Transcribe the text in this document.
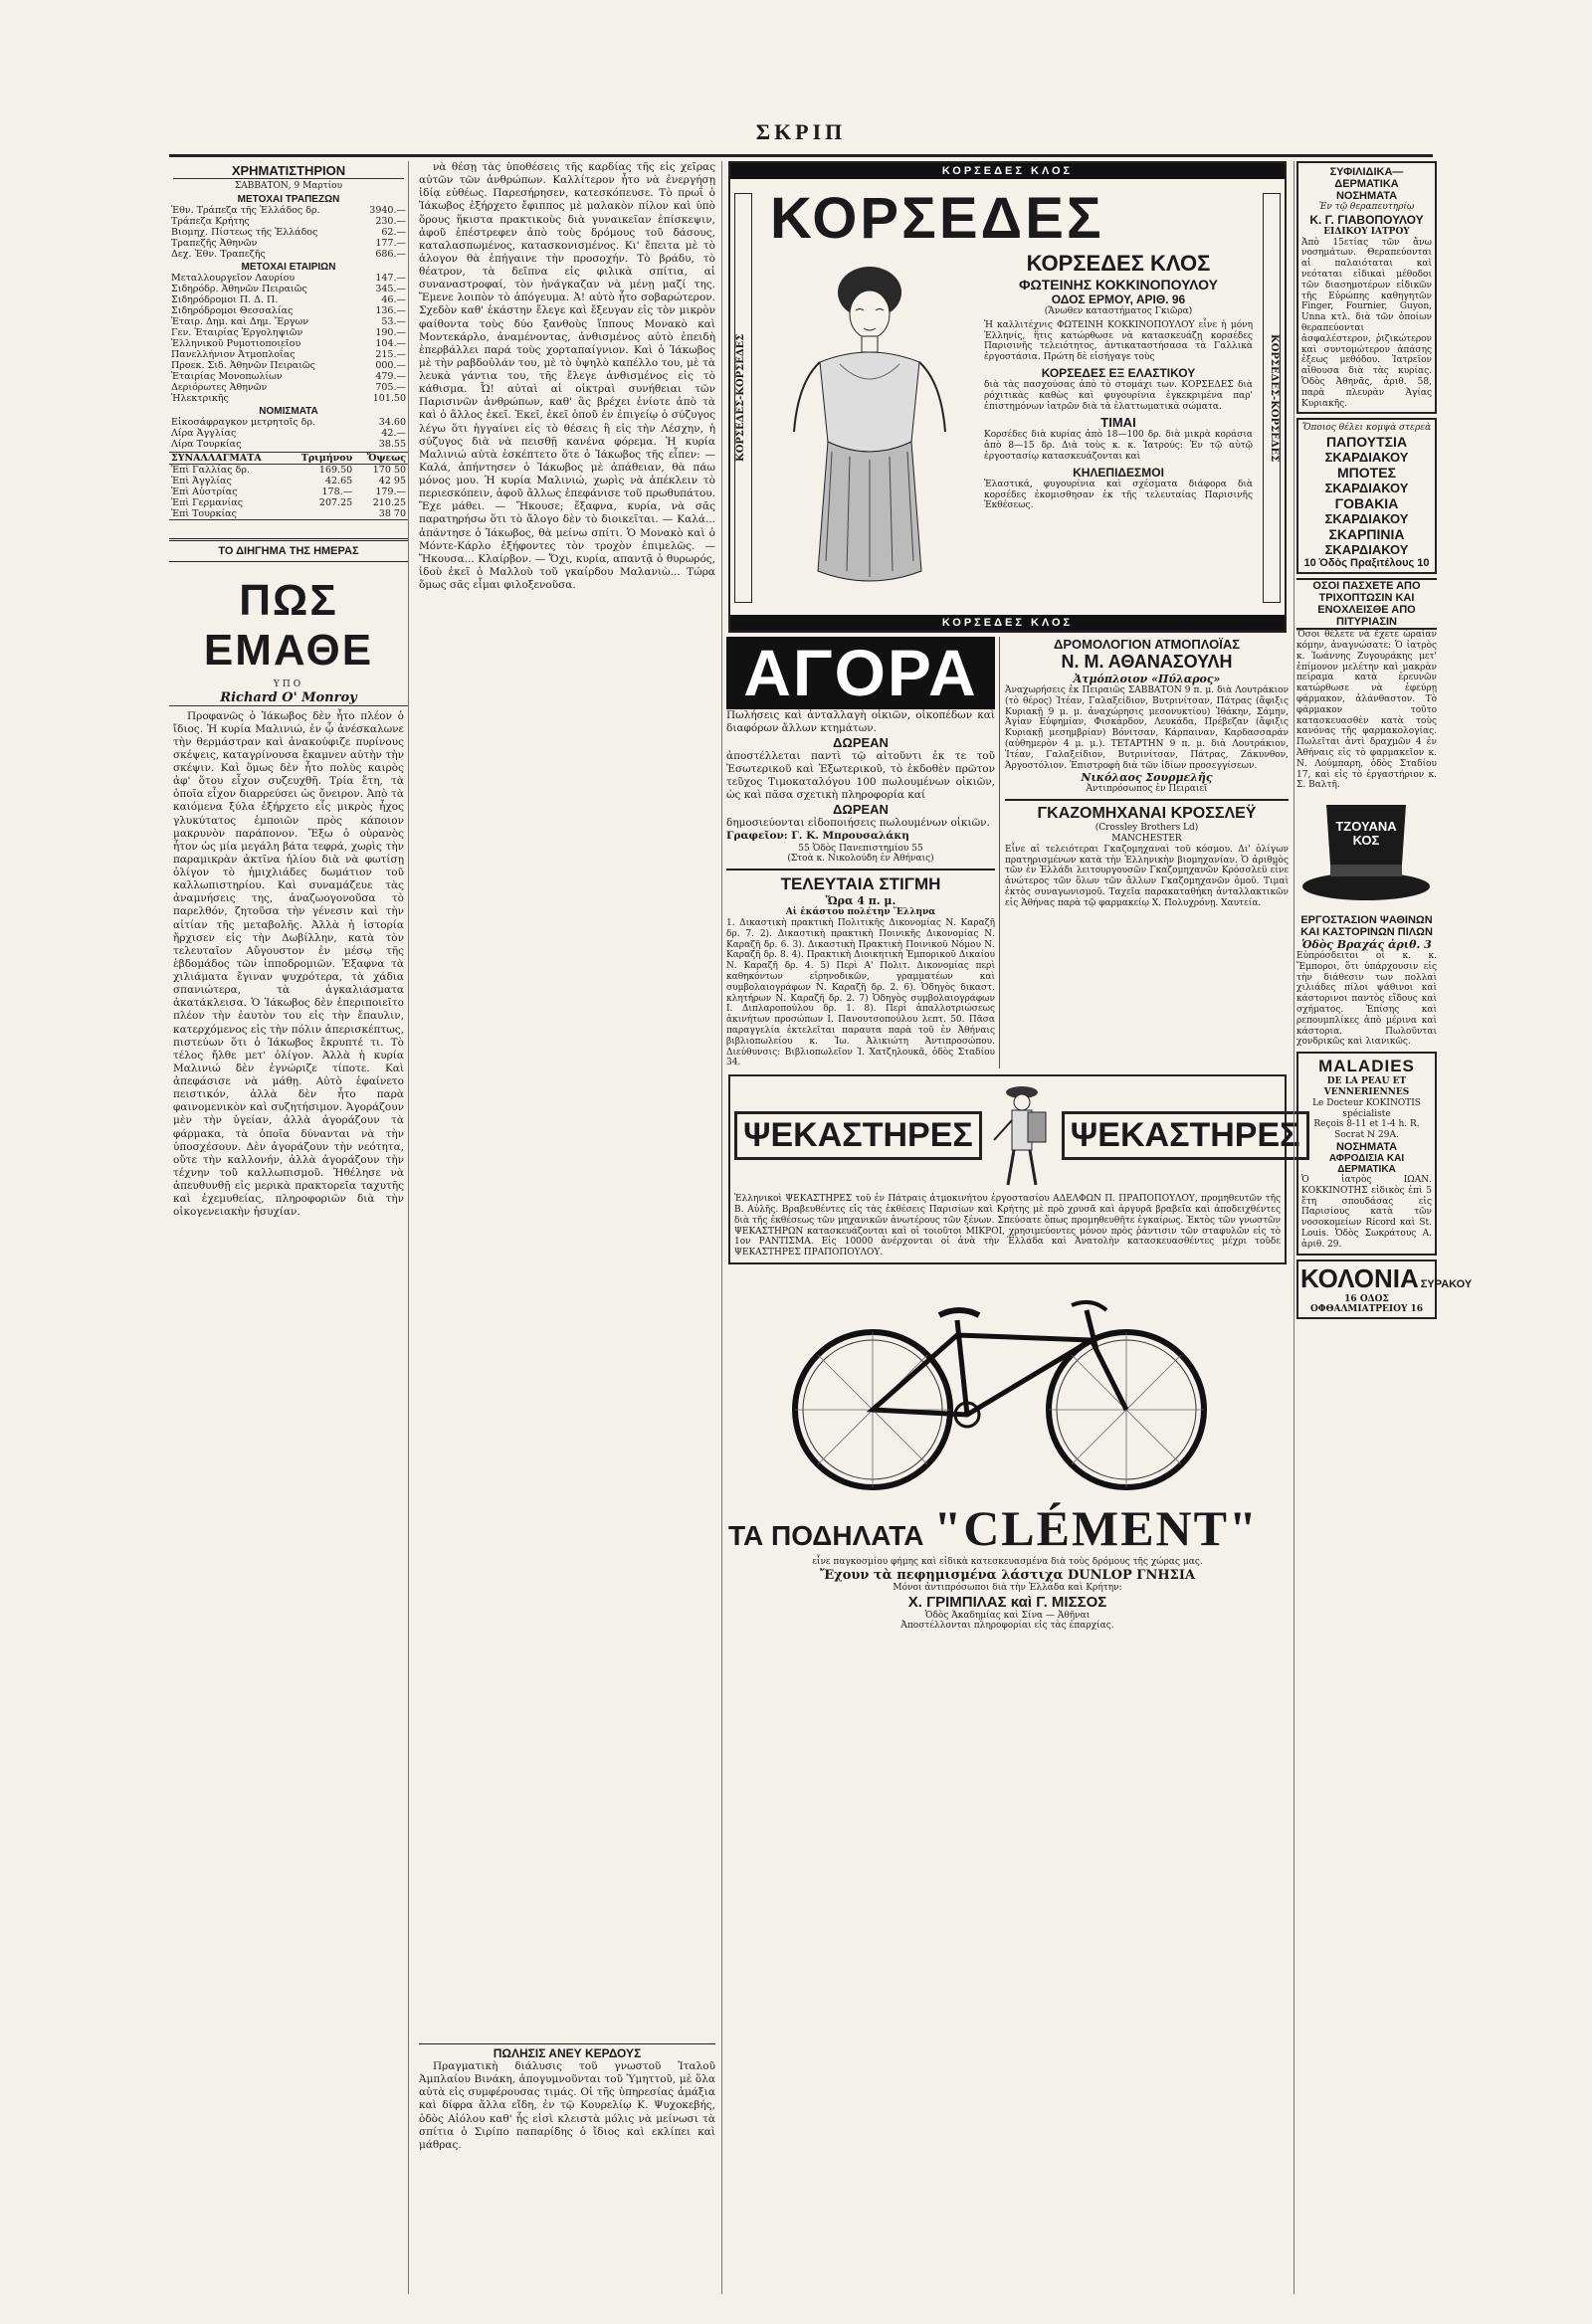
ΣΚΡΙΠ
ΧΡΗΜΑΤΙΣΤΗΡΙΟΝ
ΣΑΒΒΑΤΟΝ, 9 Μαρτίου
ΜΕΤΟΧΑΙ ΤΡΑΠΕΖΩΝ
Ἐθν. Τράπεζα τῆς Ἑλλάδος δρ.	3940.—
Τράπεζα Κρήτης	230.—
Βιομηχ. Πίστεως τῆς Ἑλλάδος	62.—
Τραπεζῆς Ἀθηνῶν	177.—
Δεχ. Ἐθν. Τραπεζῆς	686.—
ΜΕΤΟΧΑΙ ΕΤΑΙΡΙΩΝ
Μεταλλουργεῖον Λαυρίου	147.—
Σιδηρόδρ. Ἀθηνῶν Πειραιῶς	345.—
Σιδηρόδρομοι Π. Δ. Π.	46.—
Σιδηρόδρομοι Θεσσαλίας	136.—
Ἑταιρ. Δημ. καὶ Δημ. Ἔργων	53.—
Γεν. Ἑταιρίας Ἐργοληψιῶν	190.—
Ἑλληνικοῦ Ρυμοτιοποιεῖου	104.—
Πανελλήνιον Ἀτμοπλοΐας	215.—
Προεκ. Σιδ. Ἀθηνῶν Πειραιῶς	000.—
Ἑταιρίας Μονοπωλίων	479.—
Δεριόρωτες Ἀθηνῶν	705.—
Ἠλεκτρικῆς	101.50
ΝΟΜΙΣΜΑΤΑ
Εἰκοσάφραγκον μετρητοῖς δρ.	34.60
Λίρα Ἀγγλίας	42.—
Λίρα Τουρκίας	38.55
ΣΥΝΑΛΛΑΓΜΑΤΑ	Τριμήνου	Ὄψεως
Ἐπὶ Γαλλίας δρ.	169.50	170 50
Ἐπὶ Ἀγγλίας	42.65	42 95
Ἐπὶ Αὐστρίας	178.—	179.—
Ἐπὶ Γερμανίας	207.25	210.25
Ἐπὶ Τουρκίας		38 70
ΤΟ ΔΙΗΓΗΜΑ ΤΗΣ ΗΜΕΡΑΣ
ΠΩΣ ΕΜΑΘΕ
ΥΠΟ
Richard O' Monroy
Προφανῶς ὁ Ἰάκωβος δὲν ἦτο πλέον ὁ ἴδιος. Ἡ κυρία Μαλινιώ, ἐν ᾧ ἀνέσκαλωνε τὴν θερμάστραν καὶ ἀνακούφιζε πυρίνους σκέψεις, καταγρίνουσα ἔκαμνεν αὐτὴν τὴν σκέψιν. Καὶ ὅμως δὲν ἦτο πολὺς καιρὸς ἀφ' ὅτου εἶχον συζευχθῆ. Τρία ἔτη, τὰ ὁποῖα εἶχον διαρρεύσει ὡς ὄνειρον. Ἀπὸ τὰ καιόμενα ξύλα ἐξήρχετο εἷς μικρὸς ἦχος γλυκύτατος ἐμποιῶν πρὸς κάποιον μακρυνὸν παράπονον. Ἔξω ὁ οὐρανὸς ἦτον ὡς μία μεγάλη βάτα τεφρά, χωρὶς τὴν παραμικρὰν ἀκτῖνα ἡλίου διὰ νὰ φωτίσῃ ὀλίγον τὸ ἡμιχλιάδες δωμάτιον τοῦ καλλωπιστηρίου. Καὶ συναμάζευε τὰς ἀναμνήσεις της, ἀναζωογονοῦσα τὸ παρελθόν, ζητοῦσα τὴν γένεσιν καὶ τὴν αἰτίαν τῆς μεταβολῆς. Ἀλλὰ ἡ ἱστορία ἤρχισεν εἰς τὴν Δωβίλλην, κατὰ τὸν τελευταῖον Αὔγουστον ἐν μέσῳ τῆς ἑβδομάδος τῶν ἱπποδρομιῶν. Ἐξαφνα τὰ χιλιάματα ἔγιναν ψυχρότερα, τὰ χάδια σπανιώτερα, τὰ ἀγκαλιάσματα ἀκατάκλεισα. Ὁ Ἰάκωβος δὲν ἐπεριποιεῖτο πλέον τὴν ἐαυτὸν του εἰς τὴν ἔπαυλιν, κατερχόμενος εἰς τὴν πόλιν ἀπερισκέπτως, πιστεύων ὅτι ὁ Ἰάκωβος ἔκρυπτέ τι. Τὸ τέλος ἤλθε μετ' ὀλίγον. Ἀλλὰ ἡ κυρία Μαλινιώ δὲν ἐγνώριζε τίποτε. Καὶ ἀπεφάσισε νὰ μάθῃ. Αὐτὸ ἐφαίνετο πειστικόν, ἀλλὰ δὲν ἦτο παρὰ φαινομενικὸν καὶ συζητήσιμον. Ἀγοράζουν μὲν τὴν ὑγείαν, ἀλλὰ ἀγοράζουν τὰ φάρμακα, τὰ ὁποῖα δύνανται νὰ τὴν ὑποσχέσουν. Δὲν ἀγοράζουν τὴν νεότητα, οὔτε τὴν καλλονήν, ἀλλὰ ἀγοράζουν τὴν τέχνην τοῦ καλλωπισμοῦ. Ἠθέλησε νὰ ἀπευθυνθῇ εἰς μερικὰ πρακτορεῖα ταχυτῆς καὶ ἐχεμυθείας, πληροφοριῶν διὰ τὴν οἰκογενειακὴν ἡσυχίαν.
νὰ θέσῃ τὰς ὑποθέσεις τῆς καρδίας τῆς εἰς χεῖρας αὐτῶν τῶν ἀνθρώπων. Καλλίτερον ἦτο νὰ ἐνεργήσῃ ἰδίᾳ εὐθέως. Παρεσήρησεν, κατεσκόπευσε. Τὸ πρωΐ ὁ Ἰάκωβος ἐξήρχετο ἔφιππος μὲ μαλακὸν πίλον καὶ ὑπὸ ὅρους ἥκιστα πρακτικοὺς διὰ γυναικεῖαν ἐπίσκεψιν, ἀφοῦ ἐπέστρεφεν ἀπὸ τοὺς δρόμους τοῦ δάσους, καταλασπωμένος, κατασκονισμένος. Κι' ἔπειτα μὲ τὸ ἀλογον θὰ ἐπήγαινε τὴν προσοχήν. Τὸ βράδυ, τὸ θέατρον, τὰ δεῖπνα εἰς φιλικὰ σπίτια, αἱ συναναστροφαί, τὸν ἠνάγκαζαν νὰ μένῃ μαζί της. Ἔμενε λοιπὸν τὸ ἀπόγευμα. Ἀ! αὐτὸ ἦτο σοβαρώτερον. Σχεδὸν καθ' ἑκάστην ἔλεγε καὶ ἔξευγαν εἰς τὸν μικρὸν φαίθοντα τοὺς δύο ξανθοὺς ἵππους Μονακὸ καὶ Μοντεκάρλο, ἀναμένοντας, ἀνθισμένος αὐτὸ ἐπειδὴ ἐπερβάλλει παρά τοὺς χορταπαίγνιον. Καὶ ὁ Ἰάκωβος μὲ τὴν ραβδοὐλάν του, μὲ τὸ ὑψηλὸ καπέλλο του, μὲ τὰ λευκὰ γάντια του, τῆς ἔλεγε ἀνθισμένος εἰς τὸ κάθισμα. Ὦ! αὐταὶ αἱ οἰκτραὶ συνήθειαι τῶν Παρισινῶν ἀνθρώπων, καθ' ἃς βρέχει ἐνίοτε ἀπὸ τὰ καὶ ὁ ἄλλος ἐκεῖ. Ἐκεῖ, ἐκεῖ ὁποῦ ἐν ἐπιγείῳ ὁ σύζυγος λέγω ὅτι ἡγγαίνει εἰς τὸ θέσεις ἢ εἰς τὴν Λέσχην, ἡ σύζυγος διὰ νὰ πεισθῇ κανένα φόρεμα. Ἡ κυρία Μαλινιώ αὐτὰ ἐσκέπτετο ὅτε ὁ Ἰάκωβος τῆς εἶπεν: — Καλά, ἀπήντησεν ὁ Ἰάκωβος μὲ ἀπάθειαν, θὰ πάω μόνος μου. Ἡ κυρία Μαλινιώ, χωρὶς νὰ ἀπέκλειν τὸ περιεσκόπειν, ἀφοῦ ἄλλως ἐπεφάνισε τοῦ πρωθυπάτου. Ἔχε μάθει. — Ἤκουσε; ἔξαφνα, κυρία, νὰ σᾶς παρατηρήσω ὅτι τὸ ἄλογο δὲν τὸ διοικεῖται. — Καλά... ἀπάντησε ὁ Ἰάκωβος, θὰ μείνω σπίτι. Ὁ Μονακὸ καὶ ὁ Μόντε-Κάρλο ἐξήφοντες τὸν τροχὸν ἐπιμελῶς. — Ἤκουσα... Κλαίρβον. — Ὄχι, κυρία, απαντᾷ ὁ θυρωρός, ἰδοὺ ἐκεῖ ὁ Μαλλοὺ τοῦ γκαίρδου Μαλανιὼ... Τώρα ὅμως σᾶς εἶμαι φιλοξενοῦσα.
ΠΩΛΗΣΙΣ ΑΝΕΥ ΚΕΡΔΟΥΣ
Πραγματικὴ διάλυσις τοῦ γνωστοῦ Ἰταλοῦ Ἀμπλαίου Βινάκη, ἀπογυμνοῦνται τοῦ Ὑμηττοῦ, μὲ ὅλα αὐτὰ εἰς συμφέρουσας τιμάς. Οἱ τῆς ὑπηρεσίας ἀμάξια καὶ δίφρα ἄλλα εἴδη, ἐν τῷ Κουρελίῳ Κ. Ψυχοκεβής, ὁδὸς Αἰόλου καθ' ἧς εἰσὶ κλειστὰ μόλις νὰ μείνωσι τὰ σπίτια ὁ Σιρίπο παπαρίδης ὁ ἴδιος καὶ εκλίπει καὶ μάθρας.
ΚΟΡΣΕΔΕΣ ΚΛΟΣ
ΚΟΡΣΕΔΕΣ-ΚΟΡΣΕΔΕΣ	ΚΟΡΣΕΔΕΣ-ΚΟΡΣΕΔΕΣ
ΚΟΡΣΕΔΕΣ
ΚΟΡΣΕΔΕΣ ΚΛΟΣ
ΦΩΤΕΙΝΗΣ ΚΟΚΚΙΝΟΠΟΥΛΟΥ
ΟΔΟΣ ΕΡΜΟΥ, ΑΡΙΘ. 96
(Ἄνωθεν καταστήματος Γκιῶρα)
Ἡ καλλιτέχνις ΦΩΤΕΙΝΗ ΚΟΚΚΙΝΟΠΟΥΛΟΥ εἶνε ἡ μόνη Ἑλληνίς, ἥτις κατώρθωσε νὰ κατασκευάζῃ κορσέδες Παρισινῆς τελειότητος, ἀντικαταστήσασα τὰ Γαλλικὰ ἐργοστάσια. Πρώτη δὲ εἰσήγαγε τοὺς
ΚΟΡΣΕΔΕΣ ΕΞ ΕΛΑΣΤΙΚΟΥ
διὰ τὰς πασχούσας ἀπὸ τὸ στομάχι των. ΚΟΡΣΕΔΕΣ διὰ ρόχιτικὰς καθὼς καὶ φυγουρίνια ἐγκεκριμένα παρ' ἐπιστημόνων ἰατρῶν διὰ τὰ ἐλαττωματικὰ σώματα.
ΤΙΜΑΙ
Κορσέδες διὰ κυρίας ἀπὸ 18—100 δρ. διὰ μικρὰ κοράσια ἀπὸ 8—15 δρ. Διὰ τοὺς κ. κ. Ἰατρούς: Ἐν τῷ αὐτῷ ἐργοστασίῳ κατασκευάζονται καὶ
ΚΗΛΕΠΙΔΕΣΜΟΙ
Ἐλαστικά, φυγουρίνια καὶ σχέσματα διάφορα διὰ κορσέδες ἐκομισθησαν ἐκ τῆς τελευταίας Παρισινῆς Ἐκθέσεως.
ΚΟΡΣΕΔΕΣ ΚΛΟΣ
ΑΓΟΡΑ
Πωλήσεις καὶ ἀνταλλαγὴ οἰκιῶν, οἰκοπέδων καὶ διαφόρων ἄλλων κτημάτων.
ΔΩΡΕΑΝ
ἀποστέλλεται παντὶ τῷ αἰτοῦντι ἐκ τε τοῦ Ἐσωτερικοῦ καὶ Ἐξωτερικοῦ, τὸ ἐκδοθὲν πρῶτον τεῦχος Τιμοκαταλόγου 100 πωλουμένων οἰκιῶν, ὡς καὶ πᾶσα σχετικὴ πληροφορία καί
ΔΩΡΕΑΝ
δημοσιεύονται εἰδοποιήσεις πωλουμένων οἰκιῶν.
Γραφεῖον: Γ. Κ. Μπρουσαλάκη
55 Ὁδὸς Πανεπιστημίου 55
(Στοὰ κ. Νικολούδη ἐν Ἀθήναις)
ΤΕΛΕΥΤΑΙΑ ΣΤΙΓΜΗ
Ὥρα 4 π. μ.
Αἱ ἑκάστου πολέτην Ἕλληνα
1. Δικαστικὴ πρακτικὴ Πολιτικῆς Δικονομίας Ν. Καραζῆ δρ. 7. 2). Δικαστικὴ πρακτικὴ Ποινικῆς Δικονομίας Ν. Καραζῆ δρ. 6. 3). Δικαστικὴ Πρακτικὴ Ποινικοῦ Νόμου Ν. Καραζῆ δρ. 8. 4). Πρακτικὴ Διοικητικὴ Ἐμπορικοῦ Δικαίου Ν. Καραζῆ δρ. 4. 5) Περὶ Α' Πολιτ. Δικονομίας περὶ καθηκόντων εἰρηνοδικῶν, γραμματέων καὶ συμβολαιογράφων Ν. Καραζῆ δρ. 2. 6). Ὁδηγὸς δικαστ. κλητήρων Ν. Καραζῆ δρ. 2. 7) Ὁδηγὸς συμβολαιογράφων Ι. Διπλαροπούλου δρ. 1. 8). Περὶ ἀπαλλοτριώσεως ἀκινήτων προσώπων Ι. Πανουτσοπούλου λεπτ. 50. Πᾶσα παραγγελία ἐκτελεῖται παραυτα παρὰ τοῦ ἐν Ἀθήναις βιβλιοπωλείου κ. Ἰω. Ἀλικιώτη Ἀντιπροσώπου. Διεύθυνσις: Βιβλιοπωλεῖον Ἰ. Χατζηλουκᾶ, ὁδὸς Σταδίου 34.
ΔΡΟΜΟΛΟΓΙΟΝ ΑΤΜΟΠΛΟΪΑΣ
Ν. Μ. ΑΘΑΝΑΣΟΥΛΗ
Ἀτμόπλοιον «Πύλαρος»
Ἀναχωρήσεις ἐκ Πειραιῶς ΣΑΒΒΑΤΟΝ 9 π. μ. διὰ Λουτράκιον (τὸ θέρος) Ἰτέαν, Γαλαξείδιον, Βυτρινίτσαν, Πάτρας (ἄφιξις Κυριακῇ 9 μ. μ. ἀναχώρησις μεσονυκτίου) Ἰθάκην, Σάμην, Ἁγίαν Εὐφημίαν, Φισκάρδον, Λευκάδα, Πρέβεζαν (ἄφιξις Κυριακῇ μεσημβρίαν) Βόνιτσαν, Κάρπαιναν, Καρδασσαράν (αὐθημερὸν 4 μ. μ.). ΤΕΤΑΡΤΗΝ 9 π. μ. διὰ Λουτράκιον, Ἰτέαν, Γαλαξείδιον, Βυτρινίτσαν, Πάτρας, Ζάκυνθον, Ἀργοστόλιον. Ἐπιστροφὴ διὰ τῶν ἰδίων προσεγγίσεων.
Νικόλαος Σουρμελῆς
Ἀντιπρόσωπος ἐν Πειραιεῖ
ΓΚΑΖΟΜΗΧΑΝΑΙ ΚΡΟΣΣΛΕΫ
(Crossley Brothers Ld)
MANCHESTER
Εἶνε αἱ τελειότεραι Γκαζομηχαναὶ τοῦ κόσμου. Δι' ὀλίγων πρατηρισμένων κατὰ τὴν Ἑλληνικὴν βιομηχανίαν. Ὁ ἀριθμὸς τῶν ἐν Ἑλλάδι λειτουργουσῶν Γκαζομηχανῶν Κρόσσλεϋ εἶνε ἀνώτερος τῶν ὅλων τῶν ἄλλων Γκαζομηχανῶν ὁμοῦ. Τιμαὶ ἐκτὸς συναγωνισμοῦ. Ταχεῖα παρακαταθήκη ἀνταλλακτικῶν εἰς Ἀθήνας παρὰ τῷ φαρμακείῳ Χ. Πολυχρόνῃ. Χαυτεία.
ΨΕΚΑΣΤΗΡΕΣ	ΨΕΚΑΣΤΗΡΕΣ
Ἑλληνικοὶ ΨΕΚΑΣΤΗΡΕΣ τοῦ ἐν Πάτραις ἀτμοκινήτου ἐργοστασίου ΑΔΕΛΦΩΝ Π. ΠΡΑΠΟΠΟΥΛΟΥ, προμηθευτῶν τῆς Β. Αὐλῆς. Βραβευθέντες εἰς τὰς ἐκθέσεις Παρισίων καὶ Κρήτης μὲ πρὸ χρυσᾶ καὶ ἀργυρᾶ βραβεῖα καὶ ἀποδειχθέντες διὰ τῆς ἐκθέσεως τῶν μηχανικῶν ἀνωτέρους τῶν ξένων. Σπεύσατε ὅπως προμηθευθῆτε ἐγκαίρως. Ἐκτὸς τῶν γνωστῶν ΨΕΚΑΣΤΗΡΩΝ κατασκευάζονται καὶ οἱ τοιοῦτοι ΜΙΚΡΟΙ, χρησιμεύοντες μόνον πρὸς ῥάντισιν τῶν σταφυλῶν εἰς τὸ 1ον ΡΑΝΤΙΣΜΑ. Εἰς 10000 ἀνέρχονται οἱ ἀνὰ τὴν Ἑλλάδα καὶ Ἀνατολὴν κατασκευασθέντες μέχρι τοῦδε ΨΕΚΑΣΤΗΡΕΣ ΠΡΑΠΟΠΟΥΛΟΥ.
ΤΑ ΠΟΔΗΛΑΤΑ "CLÉMENT"
εἶνε παγκοσμίου φήμης καὶ εἰδικὰ κατεσκευασμένα διὰ τοὺς δρόμους τῆς χώρας μας.
Ἔχουν τὰ πεφημισμένα λάστιχα DUNLOP ΓΝΗΣΙΑ
Μόνοι ἀντιπρόσωποι διὰ τὴν Ἑλλάδα καὶ Κρήτην:
Χ. ΓΡΙΜΠΙΛΑΣ καὶ Γ. ΜΙΣΣΟΣ
Ὁδὸς Ἀκαδημίας καὶ Σίνα — Ἀθῆναι
Ἀποστέλλονται πληροφορίαι εἰς τὰς ἐπαρχίας.
ΣΥΦΙΛΙΔΙΚΑ—ΔΕΡΜΑΤΙΚΑ
ΝΟΣΗΜΑΤΑ
Ἐν τῷ θεραπευτηρίῳ
Κ. Γ. ΓΙΑΒΟΠΟΥΛΟΥ
ΕΙΔΙΚΟΥ ΙΑΤΡΟΥ
Ἀπὸ 15ετίας τῶν ἄνω νοσημάτων. Θεραπεύονται αἱ παλαιόταται καὶ νεόταται εἰδικαὶ μέθοδοι τῶν διασημοτέρων εἰδικῶν τῆς Εὐρώπης καθηγητῶν Finger, Fournier, Guyon, Unna κτλ. διὰ τῶν ὁποίων θεραπεύονται ἀσφαλέστερον, ῥιζικώτερον καὶ συντομώτερον ἁπάσης ἐξεως μεθόδου. Ἰατρεῖον αἴθουσα διὰ τὰς κυρίας. Ὁδὸς Ἀθηνᾶς, ἀριθ. 58, παρὰ πλευρὰν Ἁγίας Κυριακῆς.
Ὅποιος θέλει κομψὰ στερεὰ
ΠΑΠΟΥΤΣΙΑ
ΣΚΑΡΔΙΑΚΟΥ
ΜΠΟΤΕΣ
ΣΚΑΡΔΙΑΚΟΥ
ΓΟΒΑΚΙΑ
ΣΚΑΡΔΙΑΚΟΥ
ΣΚΑΡΠΙΝΙΑ
ΣΚΑΡΔΙΑΚΟΥ
10 Ὁδὸς Πραξιτέλους 10
ΟΣΟΙ ΠΑΣΧΕΤΕ ΑΠΟ ΤΡΙΧΟΠΤΩΣΙΝ ΚΑΙ ΕΝΟΧΛΕΙΣΘΕ ΑΠΟ ΠΙΤΥΡΙΑΣΙΝ
Ὅσοι θέλετε νὰ ἔχετε ὡραίαν κόμην, ἀναγνώσατε: Ὁ ἰατρὸς κ. Ἰωάννης Ζυγουράκης μετ' ἐπίμονον μελέτην καὶ μακρὰν πείραμα κατὰ ἐρευνῶν κατώρθωσε νὰ ἐφεύρῃ φάρμακον, ἀλάνθαστον. Τὸ φάρμακον τοῦτο κατασκευασθὲν κατὰ τοὺς κανόνας τῆς φαρμακολογίας. Πωλεῖται ἀντὶ δραχμῶν 4 ἐν Ἀθήναις εἰς τὸ φαρμακεῖον κ. Ν. Λούμπαρη, ὁδὸς Σταδίου 17, καὶ εἰς τὸ ἐργαστήριον κ. Σ. Βαλτῆ.
ΤΖΟΥΑΝΑΚΟΣ
ΕΡΓΟΣΤΑΣΙΟΝ ΨΑΘΙΝΩΝ ΚΑΙ ΚΑΣΤΟΡΙΝΩΝ ΠΙΛΩΝ
Ὁδὸς Βραχάς ἀριθ. 3
Εὐπρόσδειτοι οἱ κ. κ. Ἔμποροι, ὅτι ὑπάρχουσιν εἰς τὴν διάθεσιν των πολλαὶ χιλιάδες πίλοι ψάθινοι καὶ κάστορινοι παντὸς εἴδους καὶ σχήματος. Ἐπίσης καὶ ρεπουμπλίκες ἀπὸ μέρινα καὶ κάστορια. Πωλοῦνται χονδρικῶς καὶ λιανικῶς.
MALADIES
DE LA PEAU ET VENNERIENNES
Le Docteur KOKINOTIS spécialiste
Reçois 8-11 et 1-4 h. R. Socrat ℕ 29A.
ΝΟΣΗΜΑΤΑ
ΑΦΡΟΔΙΣΙΑ ΚΑΙ ΔΕΡΜΑΤΙΚΑ
Ὁ ἰατρὸς ΙΩΑΝ. ΚΟΚΚΙΝΟΤΗΣ εἰδικὸς ἐπὶ 5 ἔτη σπουδάσας εἰς Παρισίους κατὰ τῶν νοσοκομείων Ricord καὶ St. Louis. Ὁδὸς Σωκράτους Α. ἀριθ. 29.
ΚΟΛΟΝΙΑ ΣΥΡΑΚΟΥ
16 ΟΔΟΣ ΟΦΘΑΛΜΙΑΤΡΕΙΟΥ 16
